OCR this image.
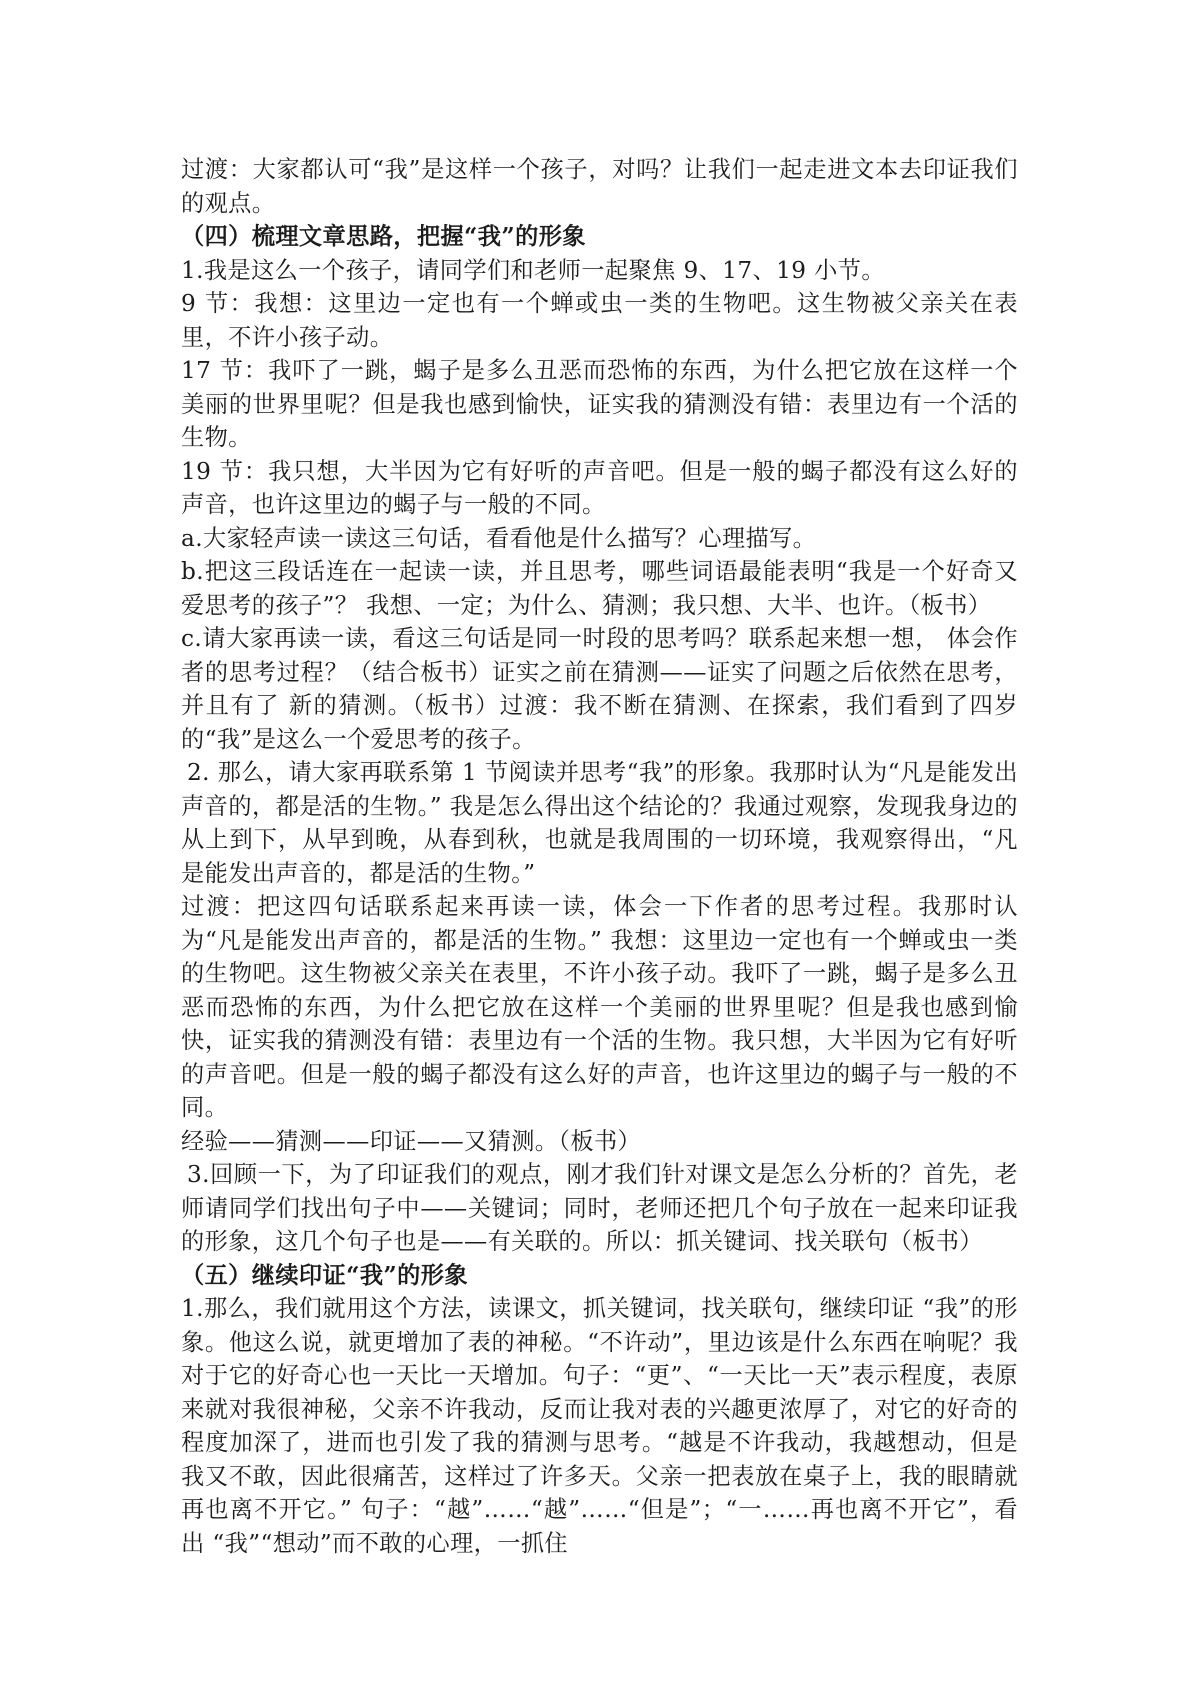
过渡：大家都认可“我”是这样一个孩子，对吗？让我们一起走进文本去印证我们的观点。

（四）梳理文章思路，把握“我”的形象

1.我是这么一个孩子，请同学们和老师一起聚焦 9、17、19 小节。

9 节：我想：这里边一定也有一个蝉或虫一类的生物吧。这生物被父亲关在表里，不许小孩子动。

17 节：我吓了一跳，蝎子是多么丑恶而恐怖的东西，为什么把它放在这样一个美丽的世界里呢？但是我也感到愉快，证实我的猜测没有错：表里边有一个活的生物。

19 节：我只想，大半因为它有好听的声音吧。但是一般的蝎子都没有这么好的声音，也许这里边的蝎子与一般的不同。

a.大家轻声读一读这三句话，看看他是什么描写？心理描写。

b.把这三段话连在一起读一读，并且思考，哪些词语最能表明“我是一个好奇又爱思考的孩子”？ 我想、一定；为什么、猜测；我只想、大半、也许。（板书）

c.请大家再读一读，看这三句话是同一时段的思考吗？联系起来想一想， 体会作者的思考过程？（结合板书）证实之前在猜测——证实了问题之后依然在思考，并且有了 新的猜测。（板书）过渡：我不断在猜测、在探索，我们看到了四岁的“我”是这么一个爱思考的孩子。

2. 那么，请大家再联系第 1 节阅读并思考“我”的形象。我那时认为“凡是能发出声音的，都是活的生物。” 我是怎么得出这个结论的？我通过观察，发现我身边的从上到下，从早到晚，从春到秋，也就是我周围的一切环境，我观察得出，“凡是能发出声音的，都是活的生物。”

过渡：把这四句话联系起来再读一读，体会一下作者的思考过程。我那时认为“凡是能发出声音的，都是活的生物。” 我想：这里边一定也有一个蝉或虫一类的生物吧。这生物被父亲关在表里，不许小孩子动。我吓了一跳，蝎子是多么丑恶而恐怖的东西，为什么把它放在这样一个美丽的世界里呢？但是我也感到愉快，证实我的猜测没有错：表里边有一个活的生物。我只想，大半因为它有好听的声音吧。但是一般的蝎子都没有这么好的声音，也许这里边的蝎子与一般的不同。

经验——猜测——印证——又猜测。（板书）

3.回顾一下，为了印证我们的观点，刚才我们针对课文是怎么分析的？首先，老师请同学们找出句子中——关键词；同时，老师还把几个句子放在一起来印证我的形象，这几个句子也是——有关联的。所以：抓关键词、找关联句（板书）

（五）继续印证“我”的形象

1.那么，我们就用这个方法，读课文，抓关键词，找关联句，继续印证 “我”的形象。他这么说，就更增加了表的神秘。“不许动”，里边该是什么东西在响呢？我对于它的好奇心也一天比一天增加。句子：“更”、“一天比一天”表示程度，表原来就对我很神秘，父亲不许我动，反而让我对表的兴趣更浓厚了，对它的好奇的程度加深了，进而也引发了我的猜测与思考。“越是不许我动，我越想动，但是我又不敢，因此很痛苦，这样过了许多天。父亲一把表放在桌子上，我的眼睛就再也离不开它。” 句子：“越”……“越”……“但是”；“一……再也离不开它”，看出 “我”“想动”而不敢的心理，一抓住
